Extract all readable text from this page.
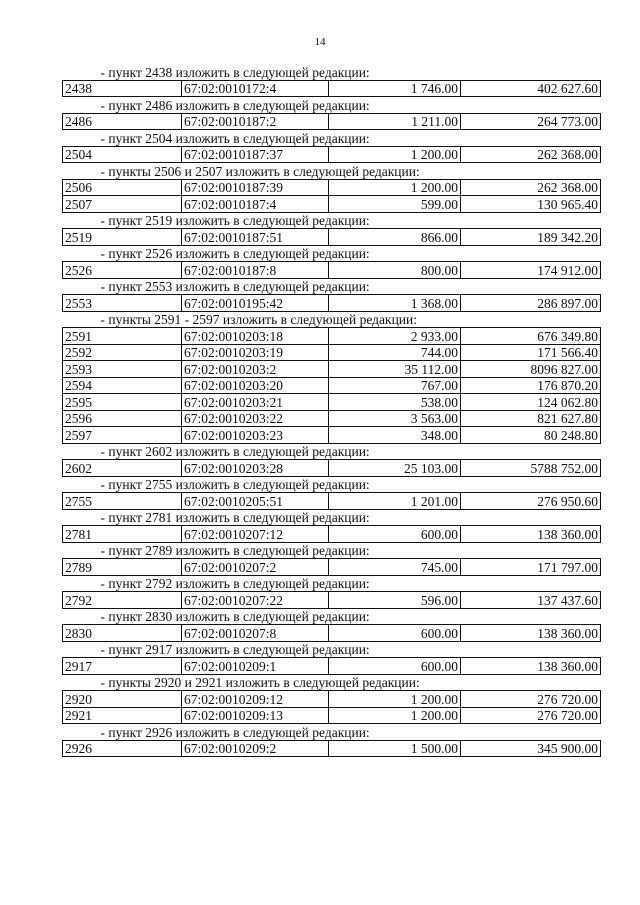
14
- пункт 2438 изложить в следующей редакции:			
2438	67:02:0010172:4	1 746.00	402 627.60
- пункт 2486 изложить в следующей редакции:			
2486	67:02:0010187:2	1 211.00	264 773.00
- пункт 2504 изложить в следующей редакции:			
2504	67:02:0010187:37	1 200.00	262 368.00
- пункты 2506 и 2507 изложить в следующей редакции:			
2506	67:02:0010187:39	1 200.00	262 368.00
2507	67:02:0010187:4	599.00	130 965.40
- пункт 2519 изложить в следующей редакции:			
2519	67:02:0010187:51	866.00	189 342.20
- пункт 2526 изложить в следующей редакции:			
2526	67:02:0010187:8	800.00	174 912.00
- пункт 2553 изложить в следующей редакции:			
2553	67:02:0010195:42	1 368.00	286 897.00
- пункты 2591 - 2597 изложить в следующей редакции:			
2591	67:02:0010203:18	2 933.00	676 349.80
2592	67:02:0010203:19	744.00	171 566.40
2593	67:02:0010203:2	35 112.00	8096 827.00
2594	67:02:0010203:20	767.00	176 870.20
2595	67:02:0010203:21	538.00	124 062.80
2596	67:02:0010203:22	3 563.00	821 627.80
2597	67:02:0010203:23	348.00	80 248.80
- пункт 2602 изложить в следующей редакции:			
2602	67:02:0010203:28	25 103.00	5788 752.00
- пункт 2755 изложить в следующей редакции:			
2755	67:02:0010205:51	1 201.00	276 950.60
- пункт 2781 изложить в следующей редакции:			
2781	67:02:0010207:12	600.00	138 360.00
- пункт 2789 изложить в следующей редакции:			
2789	67:02:0010207:2	745.00	171 797.00
- пункт 2792 изложить в следующей редакции:			
2792	67:02:0010207:22	596.00	137 437.60
- пункт 2830 изложить в следующей редакции:			
2830	67:02:0010207:8	600.00	138 360.00
- пункт 2917 изложить в следующей редакции:			
2917	67:02:0010209:1	600.00	138 360.00
- пункты 2920 и 2921 изложить в следующей редакции:			
2920	67:02:0010209:12	1 200.00	276 720.00
2921	67:02:0010209:13	1 200.00	276 720.00
- пункт 2926 изложить в следующей редакции:			
2926	67:02:0010209:2	1 500.00	345 900.00
